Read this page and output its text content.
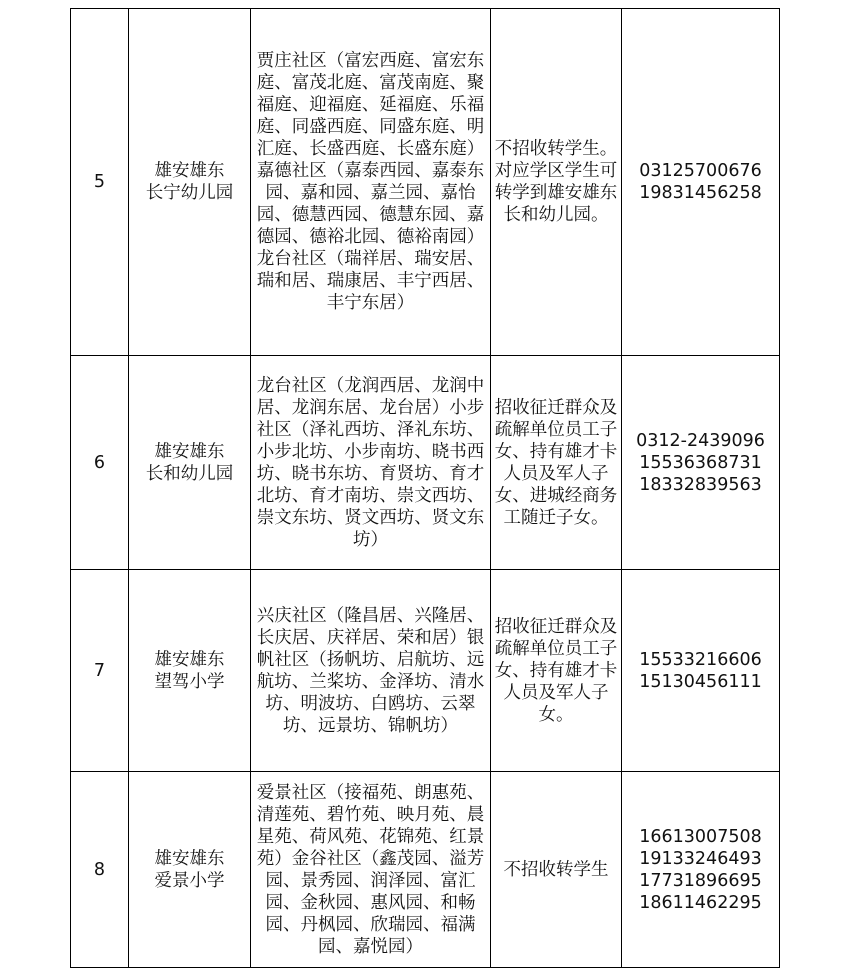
5	雄安雄东
长宁幼儿园	贾庄社区（富宏西庭、富宏东庭、富茂北庭、富茂南庭、聚福庭、迎福庭、延福庭、乐福庭、同盛西庭、同盛东庭、明汇庭、长盛西庭、长盛东庭）嘉德社区（嘉泰西园、嘉泰东园、嘉和园、嘉兰园、嘉怡园、德慧西园、德慧东园、嘉德园、德裕北园、德裕南园）龙台社区（瑞祥居、瑞安居、瑞和居、瑞康居、丰宁西居、丰宁东居）	不招收转学生。对应学区学生可转学到雄安雄东长和幼儿园。	03125700676
19831456258

6	雄安雄东
长和幼儿园	龙台社区（龙润西居、龙润中居、龙润东居、龙台居）小步社区（泽礼西坊、泽礼东坊、小步北坊、小步南坊、晓书西坊、晓书东坊、育贤坊、育才北坊、育才南坊、崇文西坊、崇文东坊、贤文西坊、贤文东坊）	招收征迁群众及疏解单位员工子女、持有雄才卡人员及军人子女、进城经商务工随迁子女。	0312-2439096
15536368731
18332839563

7	雄安雄东
望驾小学	兴庆社区（隆昌居、兴隆居、长庆居、庆祥居、荣和居）银帆社区（扬帆坊、启航坊、远航坊、兰桨坊、金泽坊、清水坊、明波坊、白鸥坊、云翠坊、远景坊、锦帆坊）	招收征迁群众及疏解单位员工子女、持有雄才卡人员及军人子女。	15533216606
15130456111

8	雄安雄东
爱景小学	爱景社区（接福苑、朗惠苑、清莲苑、碧竹苑、映月苑、晨星苑、荷风苑、花锦苑、红景苑）金谷社区（鑫茂园、溢芳园、景秀园、润泽园、富汇园、金秋园、惠风园、和畅园、丹枫园、欣瑞园、福满园、嘉悦园）	不招收转学生	16613007508
19133246493
17731896695
18611462295
